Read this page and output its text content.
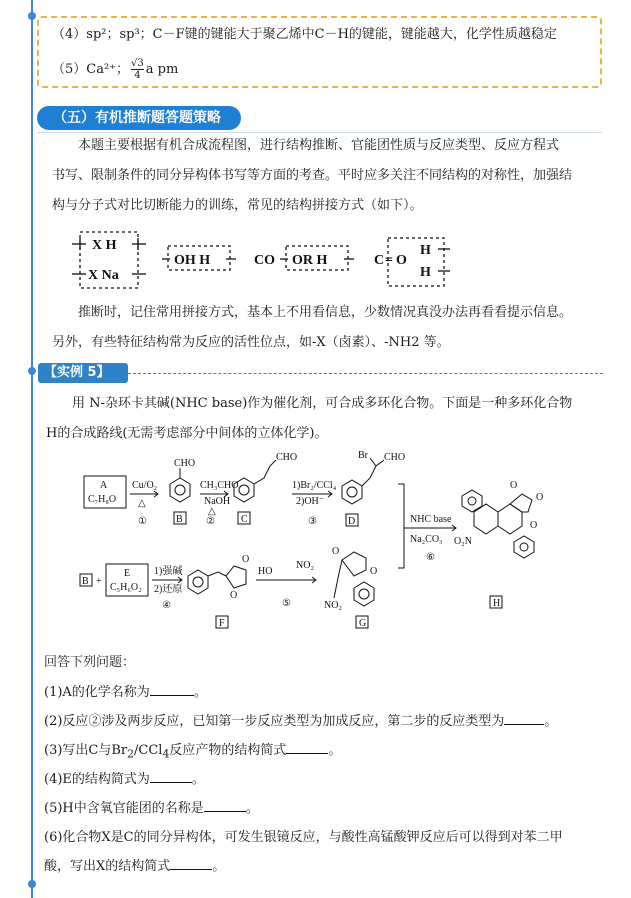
（4）sp²；sp³；C－F键的键能大于聚乙烯中C－H的键能，键能越大，化学性质越稳定
（5）Ca²⁺； $\frac{√3}{4}$ a pm
（五）有机推断题答题策略
本题主要根据有机合成流程图，进行结构推断、官能团性质与反应类型、反应方程式
书写、限制条件的同分异构体书写等方面的考查。平时应多关注不同结构的对称性，加强结
构与分子式对比切断能力的训练，常见的结构拼接方式（如下）。
X H
X Na
OH H	CO OR H	C = O
H
H
推断时，记住常用拼接方式，基本上不用看信息，少数情况真没办法再看看提示信息。
另外，有些特征结构常为反应的活性位点，如-X（卤素）、-NH2 等。
【实例 5】
用 N-杂环卡其碱(NHC base)作为催化剂，可合成多环化合物。下面是一种多环化合物
H的合成路线(无需考虑部分中间体的立体化学)。
A
C₇H₈O
Cu/O₂
△
①
CHO
B
CH₃CHO
NaOH
△
②
CHO
C
1)Br₂/CCl₄
2)OH⁻
③
Br CHO
D	NHC base
Na₂CO₃
⑥
O
O
O
O₂N
H
B +
E
C₅H₆O₂
1)强碱
2)还原
④
O
O
F
HO
NO₂
⑤
O
O
NO₂
G
回答下列问题：
(1)A的化学名称为	。
(2)反应②涉及两步反应，已知第一步反应类型为加成反应，第二步的反应类型为	。
(3)写出C与$Br_2/CCl_4$反应产物的结构简式	。
(4)E的结构简式为	。
(5)H中含氧官能团的名称是	。
(6)化合物X是C的同分异构体，可发生银镜反应，与酸性高锰酸钾反应后可以得到对苯二甲
酸，写出X的结构简式	。
